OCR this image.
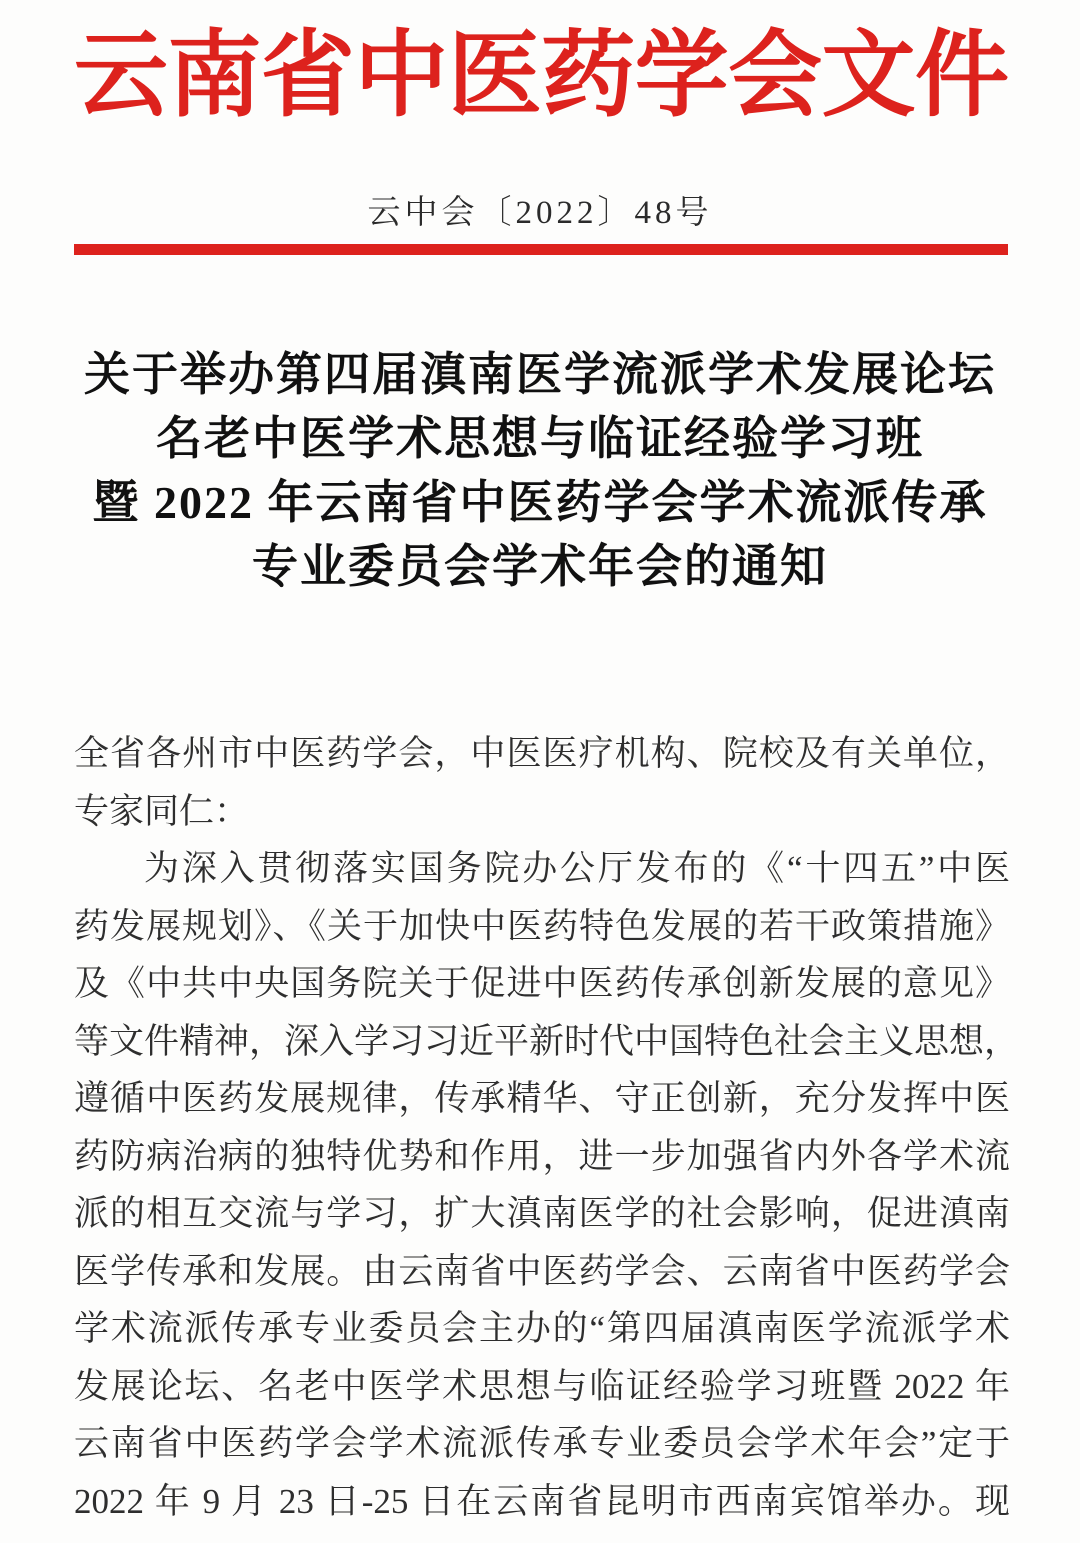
云南省中医药学会文件
云中会〔2022〕48号
关于举办第四届滇南医学流派学术发展论坛
名老中医学术思想与临证经验学习班
暨 2022 年云南省中医药学会学术流派传承
专业委员会学术年会的通知
全省各州市中医药学会，中医医疗机构、院校及有关单位，
专家同仁：
为深入贯彻落实国务院办公厅发布的《“十四五”中医
药发展规划》、《关于加快中医药特色发展的若干政策措施》
及《中共中央国务院关于促进中医药传承创新发展的意见》
等文件精神，深入学习习近平新时代中国特色社会主义思想，
遵循中医药发展规律，传承精华、守正创新，充分发挥中医
药防病治病的独特优势和作用，进一步加强省内外各学术流
派的相互交流与学习，扩大滇南医学的社会影响，促进滇南
医学传承和发展。由云南省中医药学会、云南省中医药学会
学术流派传承专业委员会主办的“第四届滇南医学流派学术
发展论坛、名老中医学术思想与临证经验学习班暨 2022 年
云南省中医药学会学术流派传承专业委员会学术年会”定于
2022 年 9 月 23 日-25 日在云南省昆明市西南宾馆举办。现
